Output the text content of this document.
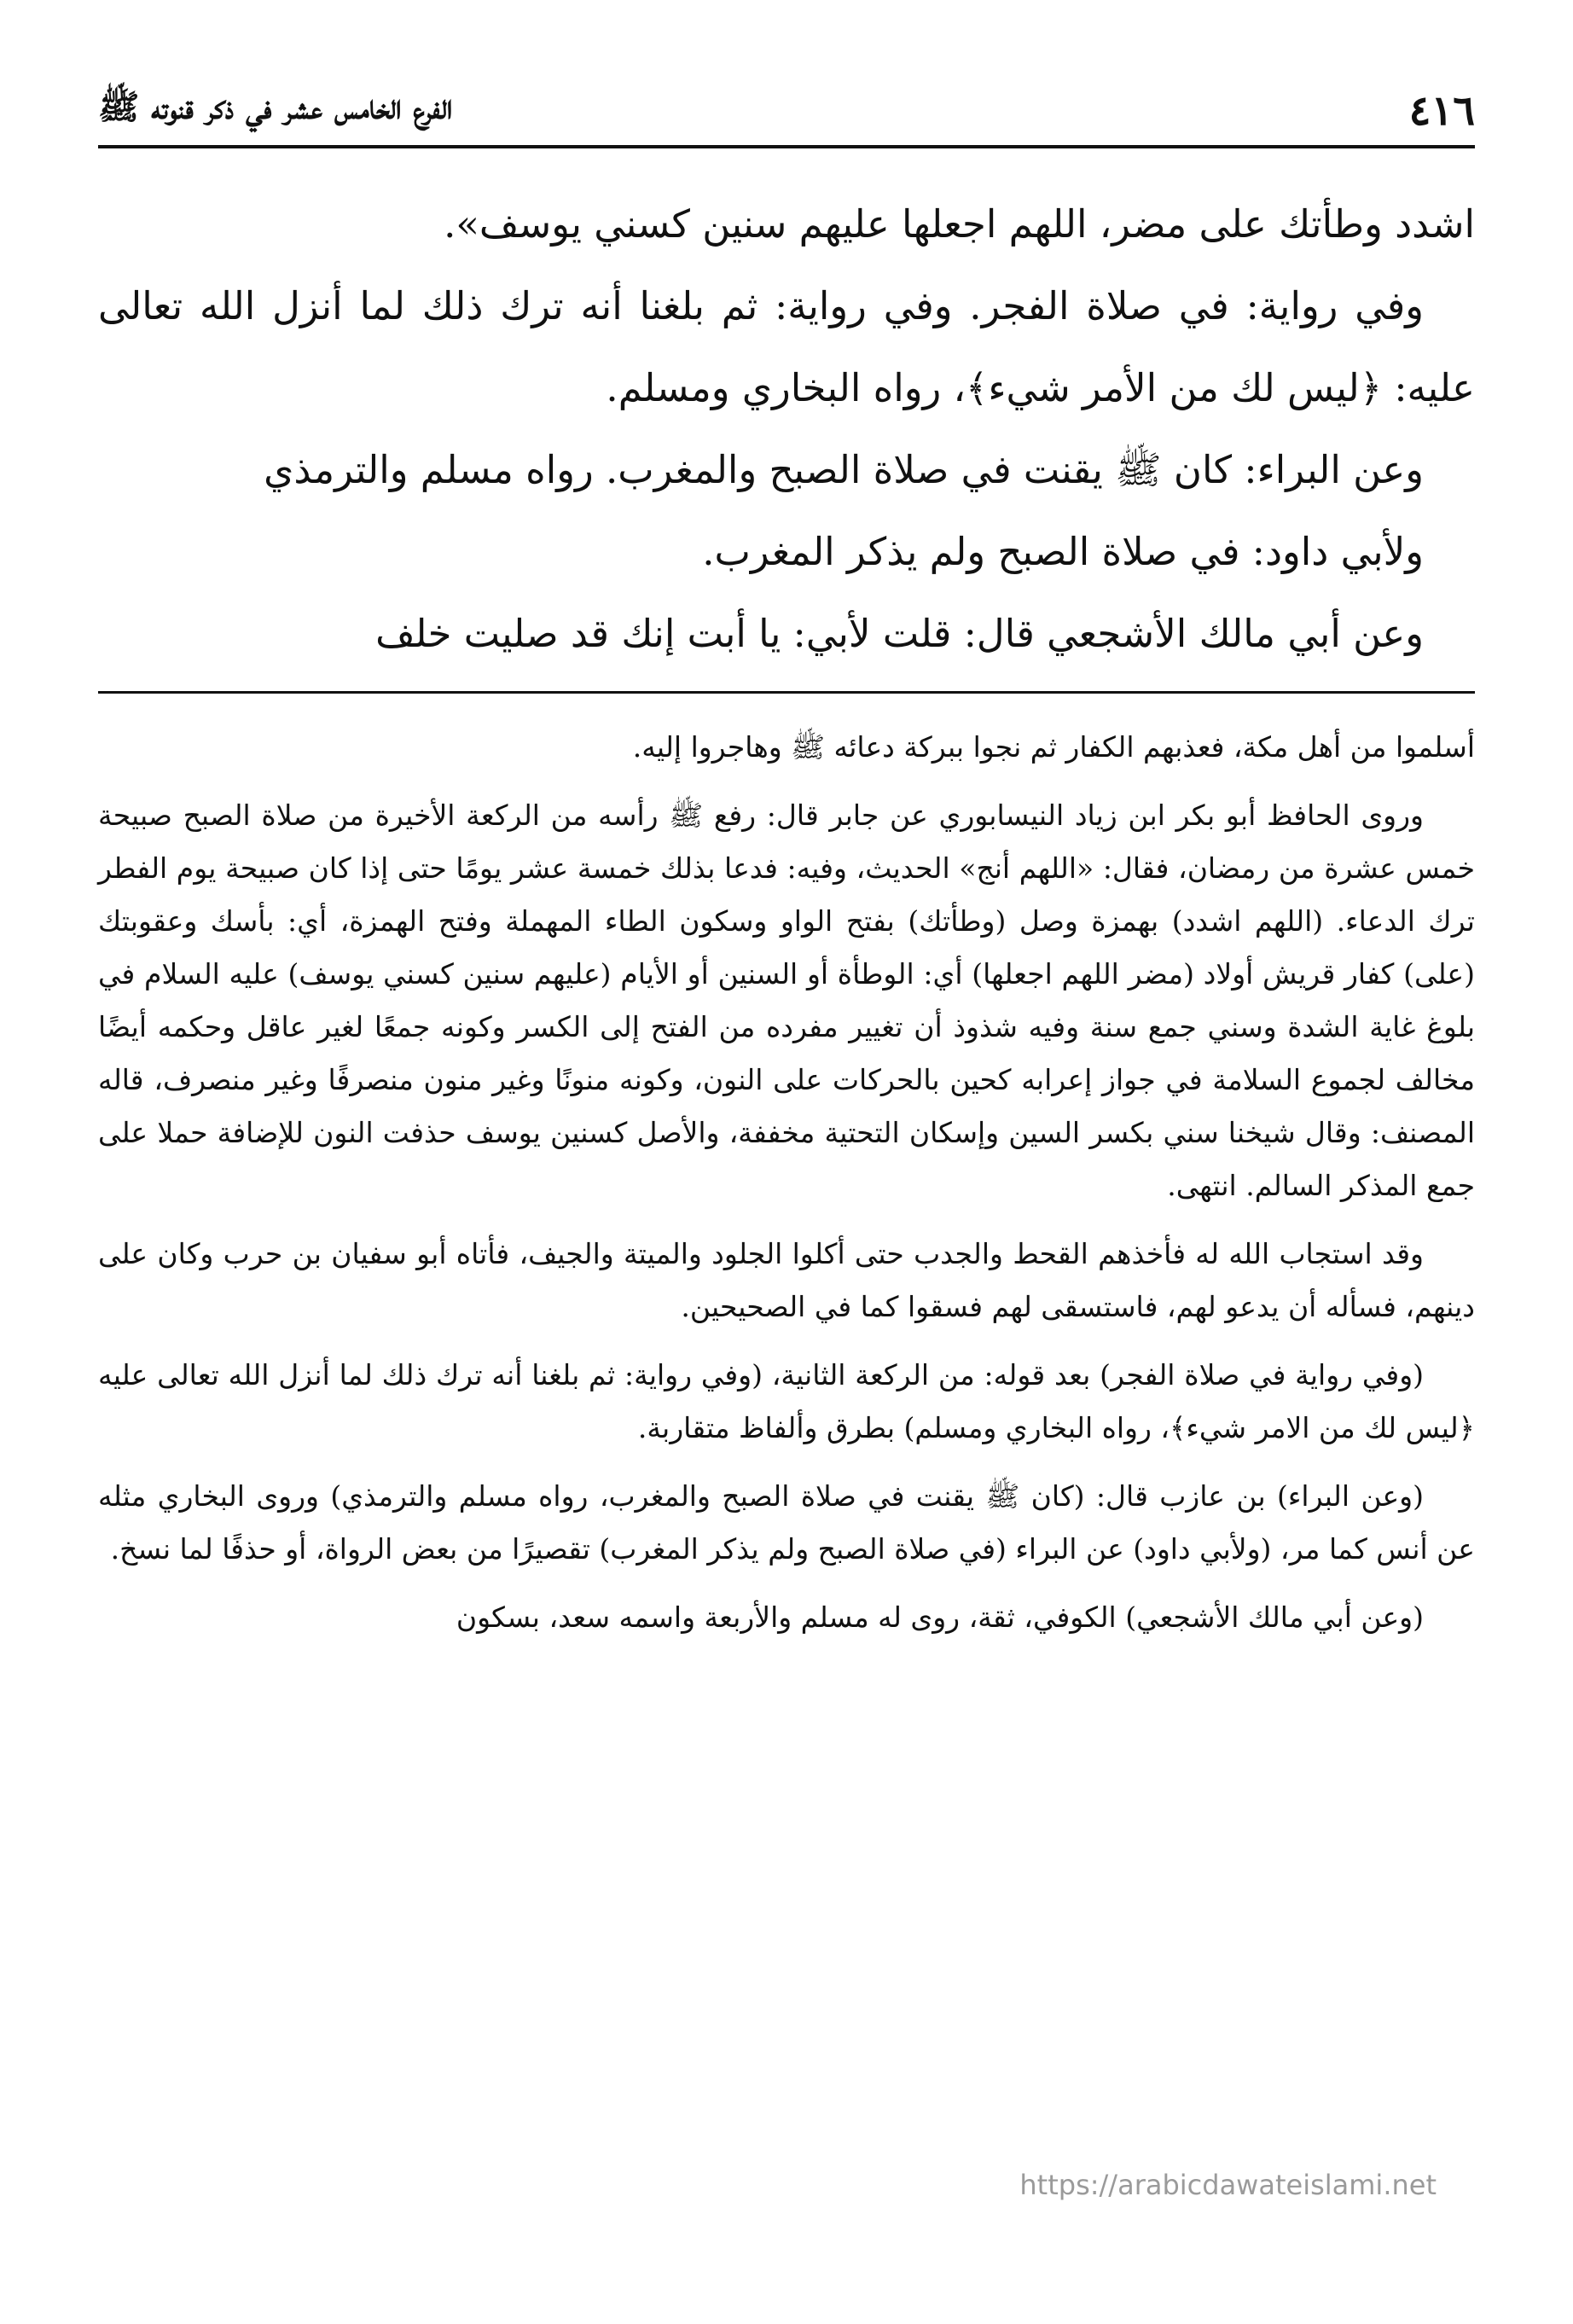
٤١٦
الفرع الخامس عشر في ذكر قنوته ﷺ

اشدد وطأتك على مضر، اللهم اجعلها عليهم سنين كسني يوسف».

وفي رواية: في صلاة الفجر. وفي رواية: ثم بلغنا أنه ترك ذلك لما أنزل الله تعالى عليه: ﴿ليس لك من الأمر شيء﴾، رواه البخاري ومسلم.

وعن البراء: كان ﷺ يقنت في صلاة الصبح والمغرب. رواه مسلم والترمذي

ولأبي داود: في صلاة الصبح ولم يذكر المغرب.

وعن أبي مالك الأشجعي قال: قلت لأبي: يا أبت إنك قد صليت خلف

أسلموا من أهل مكة، فعذبهم الكفار ثم نجوا ببركة دعائه ﷺ وهاجروا إليه.

وروى الحافظ أبو بكر ابن زياد النيسابوري عن جابر قال: رفع ﷺ رأسه من الركعة الأخيرة من صلاة الصبح صبيحة خمس عشرة من رمضان، فقال: «اللهم أنج» الحديث، وفيه: فدعا بذلك خمسة عشر يومًا حتى إذا كان صبيحة يوم الفطر ترك الدعاء. (اللهم اشدد) بهمزة وصل (وطأتك) بفتح الواو وسكون الطاء المهملة وفتح الهمزة، أي: بأسك وعقوبتك (على) كفار قريش أولاد (مضر اللهم اجعلها) أي: الوطأة أو السنين أو الأيام (عليهم سنين كسني يوسف) عليه السلام في بلوغ غاية الشدة وسني جمع سنة وفيه شذوذ أن تغيير مفرده من الفتح إلى الكسر وكونه جمعًا لغير عاقل وحكمه أيضًا مخالف لجموع السلامة في جواز إعرابه كحين بالحركات على النون، وكونه منونًا وغير منون منصرفًا وغير منصرف، قاله المصنف: وقال شيخنا سني بكسر السين وإسكان التحتية مخففة، والأصل كسنين يوسف حذفت النون للإضافة حملا على جمع المذكر السالم. انتهى.

وقد استجاب الله له فأخذهم القحط والجدب حتى أكلوا الجلود والميتة والجيف، فأتاه أبو سفيان بن حرب وكان على دينهم، فسأله أن يدعو لهم، فاستسقى لهم فسقوا كما في الصحيحين.

(وفي رواية في صلاة الفجر) بعد قوله: من الركعة الثانية، (وفي رواية: ثم بلغنا أنه ترك ذلك لما أنزل الله تعالى عليه ﴿ليس لك من الامر شيء﴾، رواه البخاري ومسلم) بطرق وألفاظ متقاربة.

(وعن البراء) بن عازب قال: (كان ﷺ يقنت في صلاة الصبح والمغرب، رواه مسلم والترمذي) وروى البخاري مثله عن أنس كما مر، (ولأبي داود) عن البراء (في صلاة الصبح ولم يذكر المغرب) تقصيرًا من بعض الرواة، أو حذفًا لما نسخ.

(وعن أبي مالك الأشجعي) الكوفي، ثقة، روى له مسلم والأربعة واسمه سعد، بسكون

https://arabicdawateislami.net
